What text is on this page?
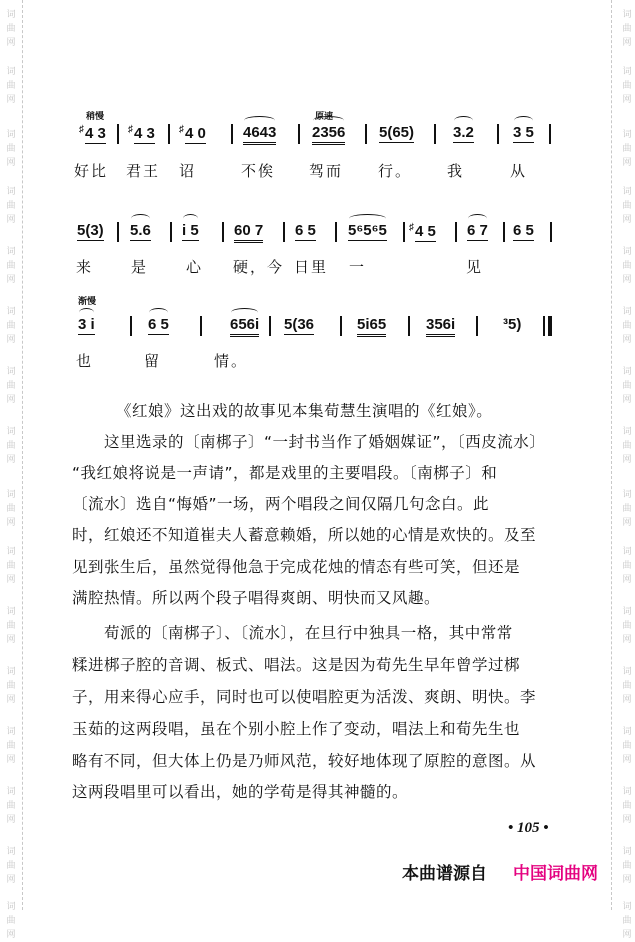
词
曲
网
词
曲
网
词
曲
网
词
曲
网
词
曲
网
词
曲
网
词
曲
网
词
曲
网
词
曲
网
词
曲
网
词
曲
网
词
曲
网
词
曲
网
词
曲
网
词
曲
网
词
曲
网
词
曲
网
词
曲
网
词
曲
网
词
曲
网
词
曲
网
词
曲
网
词
曲
网
词
曲
网
词
曲
网
词
曲
网
词
曲
网
词
曲
网
词
曲
网
词
曲
网
词
曲
网
词
曲
网
稍慢	原速
♯4 3 ♯4 3 ♯4 0 4643 2356 5(65)	3.2	3 5
好比 君王 诏	不俟 驾而 行。 我	从
5(3) 5.6 i 5 60 7 6 5 5⁶5⁶5 ♯4 5 6 7 6 5
来	是	心 硬，今 日里 一	见
渐慢
3 i	6 5	656i 5(36	5i65	356i	³5)
也	留	情。
《红娘》这出戏的故事见本集荀慧生演唱的《红娘》。
这里选录的〔南梆子〕“一封书当作了婚姻媒证”，〔西皮流水〕
“我红娘将说是一声请”，都是戏里的主要唱段。〔南梆子〕和
〔流水〕选自“悔婚”一场，两个唱段之间仅隔几句念白。此
时，红娘还不知道崔夫人蓄意赖婚，所以她的心情是欢快的。及至
见到张生后，虽然觉得他急于完成花烛的情态有些可笑，但还是
满腔热情。所以两个段子唱得爽朗、明快而又风趣。
荀派的〔南梆子〕、〔流水〕，在旦行中独具一格，其中常常
糅进梆子腔的音调、板式、唱法。这是因为荀先生早年曾学过梆
子，用来得心应手，同时也可以使唱腔更为活泼、爽朗、明快。李
玉茹的这两段唱，虽在个别小腔上作了变动，唱法上和荀先生也
略有不同，但大体上仍是乃师风范，较好地体现了原腔的意图。从
这两段唱里可以看出，她的学荀是得其神髓的。
• 105 •
本曲谱源自 中国词曲网
